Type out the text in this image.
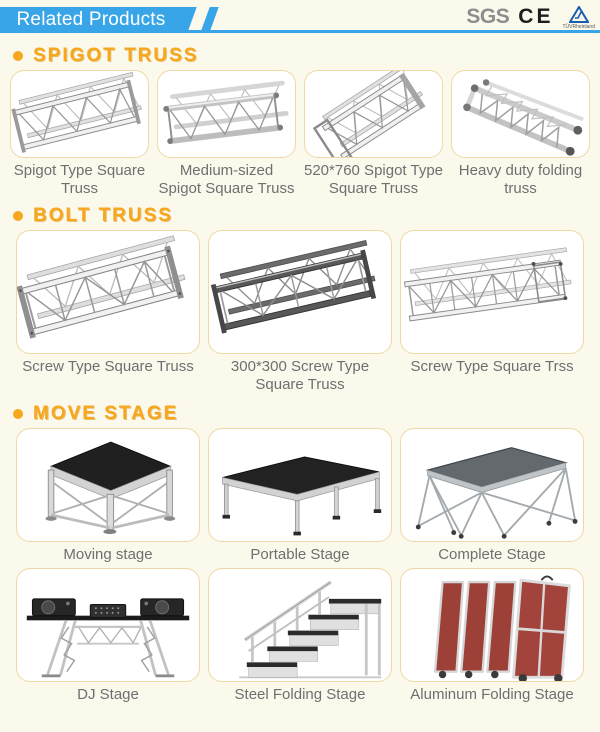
Related Products	SGS CE TÜVRheinland
SPIGOT TRUSS
Spigot Type Square Truss
Medium-sized Spigot Square Truss
520*760 Spigot Type Square Truss
Heavy duty folding truss
BOLT TRUSS
Screw Type Square Truss	300*300 Screw Type Square Truss
Screw Type Square Trss
MOVE STAGE
Moving stage	Portable Stage	Complete Stage
DJ Stage	Steel Folding Stage	Aluminum Folding Stage
